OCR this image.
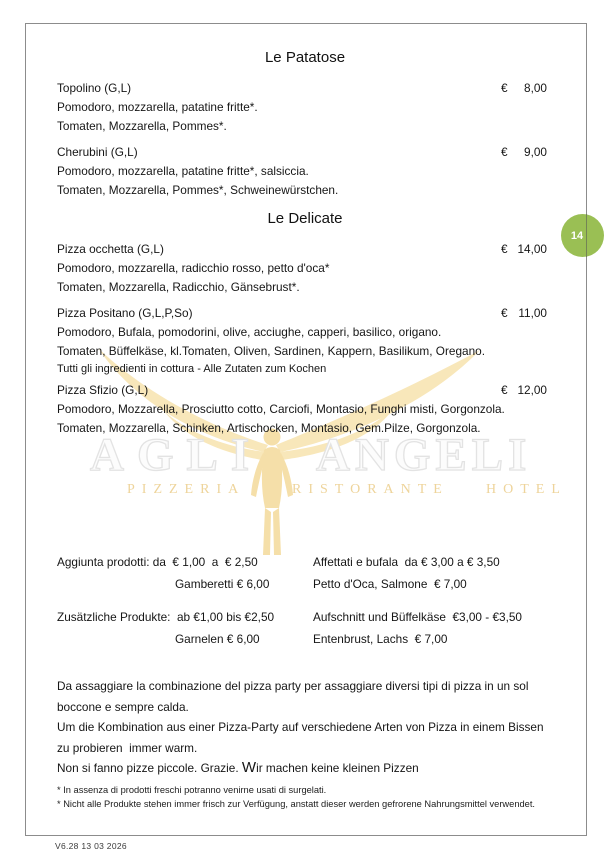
AGLI ANGELI
PIZZERIA	RISTORANTE	HOTEL
Le Patatose
Topolino (G,L)	€ 8,00
Pomodoro, mozzarella, patatine fritte*.
Tomaten, Mozzarella, Pommes*.
Cherubini (G,L)	€ 9,00
Pomodoro, mozzarella, patatine fritte*, salsiccia.
Tomaten, Mozzarella, Pommes*, Schweinewürstchen.
Le Delicate
Pizza occhetta (G,L)	€ 14,00
Pomodoro, mozzarella, radicchio rosso, petto d'oca*
Tomaten, Mozzarella, Radicchio, Gänsebrust*.
Pizza Positano (G,L,P,So)	€ 11,00
Pomodoro, Bufala, pomodorini, olive, acciughe, capperi, basilico, origano.
Tomaten, Büffelkäse, kl.Tomaten, Oliven, Sardinen, Kappern, Basilikum, Oregano.
Tutti gli ingredienti in cottura - Alle Zutaten zum Kochen
Pizza Sfizio (G,L)	€ 12,00
Pomodoro, Mozzarella, Prosciutto cotto, Carciofi, Montasio, Funghi misti, Gorgonzola.
Tomaten, Mozzarella, Schinken, Artischocken, Montasio, Gem.Pilze, Gorgonzola.
Aggiunta prodotti: da  € 1,00  a  € 2,50	Affettati e bufala  da € 3,00 a € 3,50
Gamberetti € 6,00	Petto d'Oca, Salmone  € 7,00
Zusätzliche Produkte:  ab €1,00 bis €2,50	Aufschnitt und Büffelkäse  €3,00 - €3,50
Garnelen € 6,00	Entenbrust, Lachs  € 7,00
Da assaggiare la combinazione del pizza party per assaggiare diversi tipi di pizza in un sol boccone e sempre calda.
Um die Kombination aus einer Pizza-Party auf verschiedene Arten von Pizza in einem Bissen zu probieren  immer warm.
Non si fanno pizze piccole. Grazie. Wir machen keine kleinen Pizzen
* In assenza di prodotti freschi potranno venirne usati di surgelati.
* Nicht alle Produkte stehen immer frisch zur Verfügung, anstatt dieser werden gefrorene Nahrungsmittel verwendet.
V6.28 13 03 2026
14
